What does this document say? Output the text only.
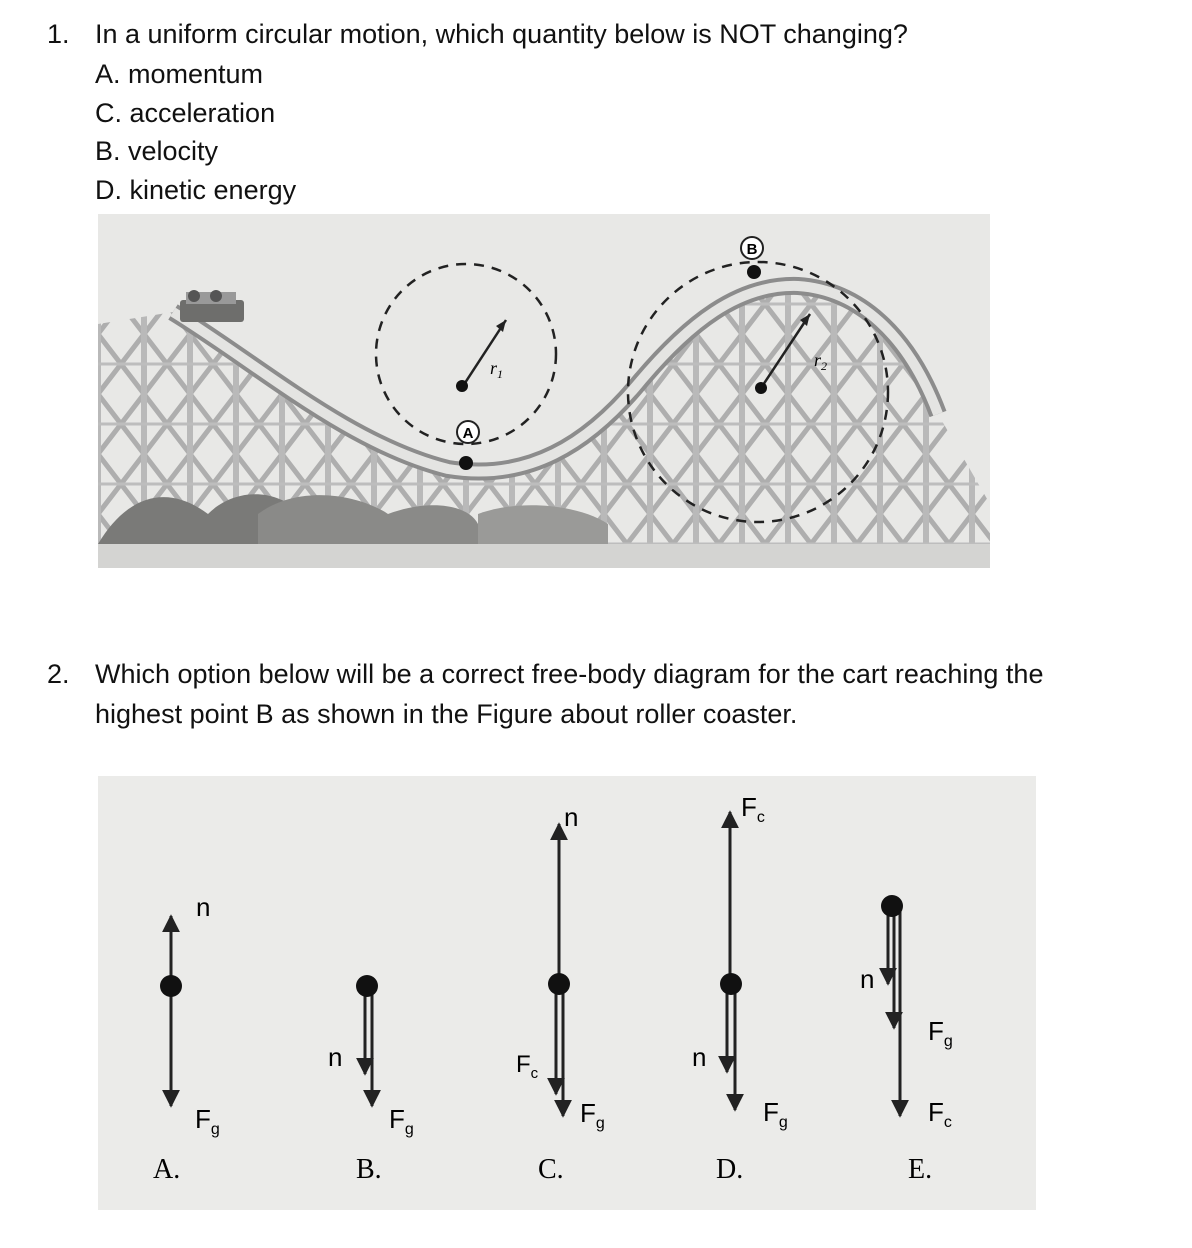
1. In a uniform circular motion, which quantity below is NOT changing?
A. momentum
C. acceleration
B. velocity
D. kinetic energy
$r_1$
A
$r_2$
B
2. Which option below will be a correct free-body diagram for the cart reaching the
highest point B as shown in the Figure about roller coaster.
n
$F_g$
A.
n
$F_g$
B.
n
$F_c$
$F_g$
C.
$F_c$
n
$F_g$
D.
n
$F_g$
$F_c$
E.
